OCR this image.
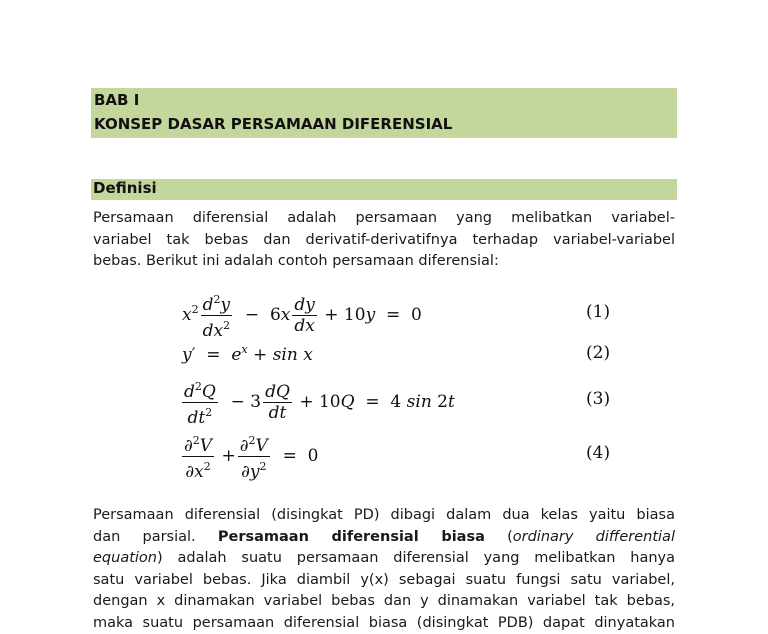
BAB I
KONSEP DASAR PERSAMAAN DIFERENSIAL
Definisi
Persamaan diferensial adalah persamaan yang melibatkan variabel-
variabel tak bebas dan derivatif-derivatifnya terhadap variabel-variabel
bebas. Berikut ini adalah contoh persamaan diferensial:
$x^2 \frac{d^2y}{dx^2} - 6x \frac{dy}{dx} + 10y = 0$	(1)
$y' = e^x + \sin x$	(2)
$\frac{d^2Q}{dt^2} - 3 \frac{dQ}{dt} + 10Q = 4$ sin 2t	(3)
$\frac{\partial^2V}{\partial x^2} + \frac{\partial^2V}{\partial y^2} = 0$	(4)
Persamaan diferensial (disingkat PD) dibagi dalam dua kelas yaitu biasa
dan parsial. Persamaan diferensial biasa (ordinary differential
equation) adalah suatu persamaan diferensial yang melibatkan hanya
satu variabel bebas. Jika diambil y(x) sebagai suatu fungsi satu variabel,
dengan x dinamakan variabel bebas dan y dinamakan variabel tak bebas,
maka suatu persamaan diferensial biasa (disingkat PDB) dapat dinyatakan
